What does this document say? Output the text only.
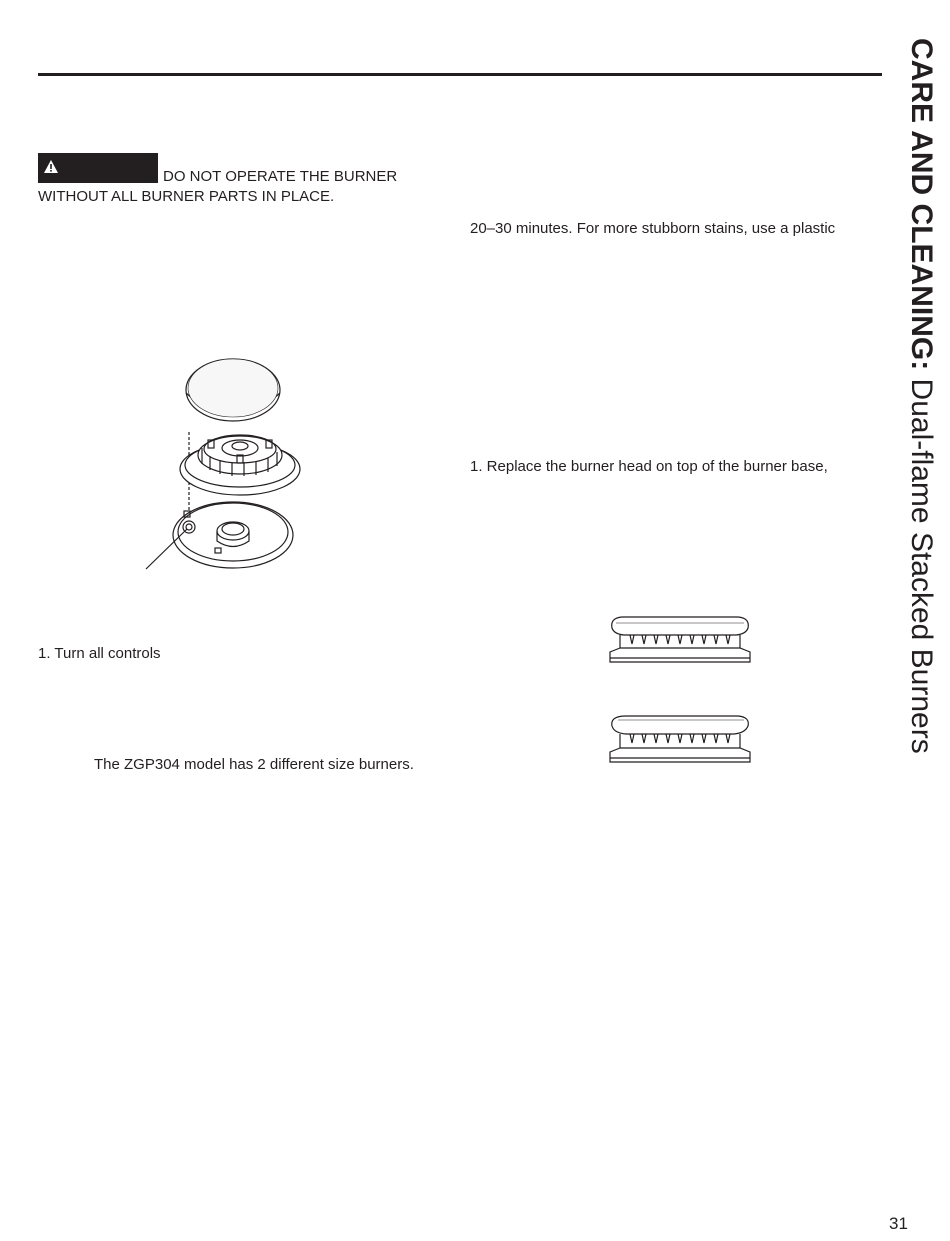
DO NOT OPERATE THE BURNER
WITHOUT ALL BURNER PARTS IN PLACE.
20–30 minutes. For more stubborn stains, use a plastic
1. Replace the burner head on top of the burner base,
1. Turn all controls
The ZGP304 model has 2 different size burners.
CARE AND CLEANING: Dual-flame Stacked Burners
31
